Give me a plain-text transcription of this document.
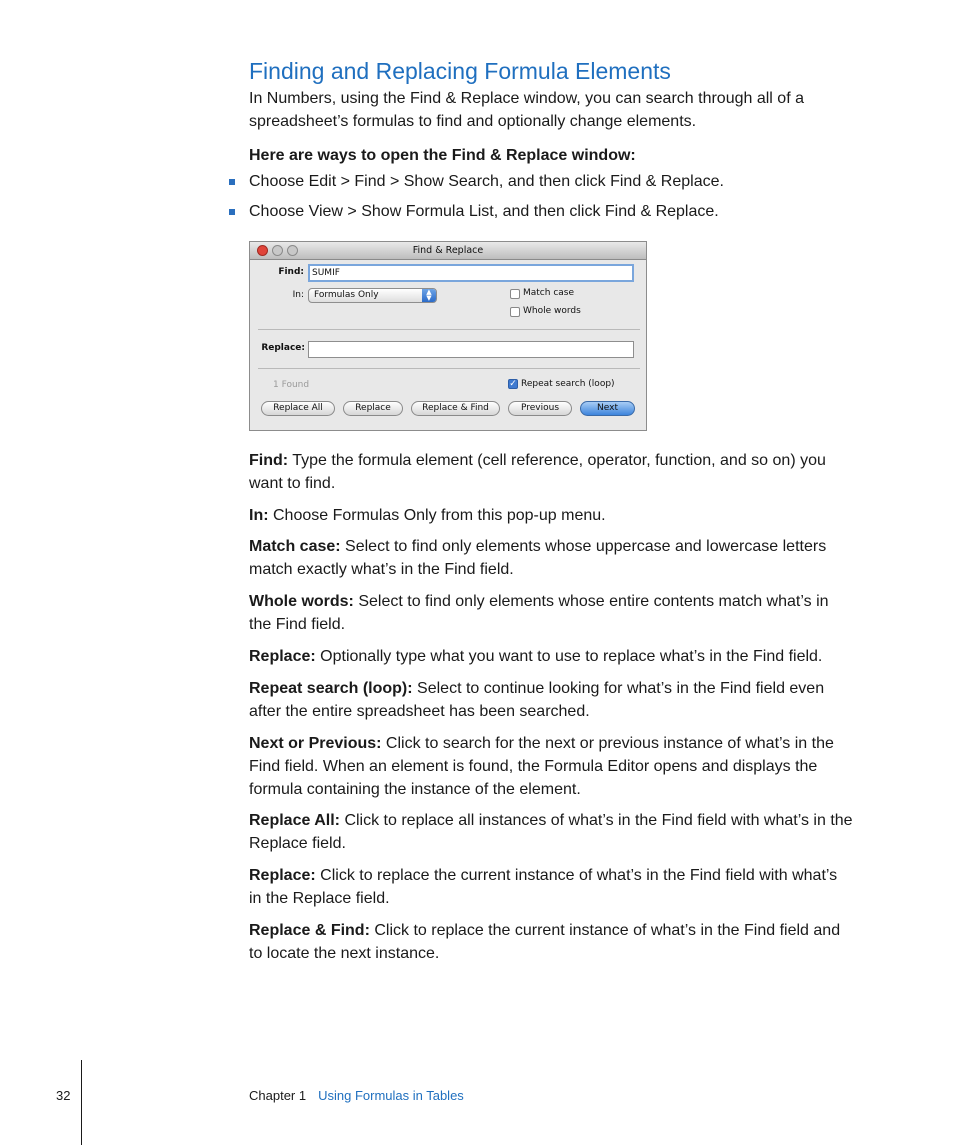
Finding and Replacing Formula Elements
In Numbers, using the Find & Replace window, you can search through all of a spreadsheet’s formulas to find and optionally change elements.
Here are ways to open the Find & Replace window:
Choose Edit > Find > Show Search, and then click Find & Replace.
Choose View > Show Formula List, and then click Find & Replace.
Find & Replace
Find: SUMIF
In:	Formulas Only	▲
▼	Match case
Whole words
Replace:
1 Found	✓ Repeat search (loop)
Replace All	Replace	Replace & Find	Previous	Next
Find: Type the formula element (cell reference, operator, function, and so on) you want to find.
In: Choose Formulas Only from this pop-up menu.
Match case: Select to find only elements whose uppercase and lowercase letters match exactly what’s in the Find field.
Whole words: Select to find only elements whose entire contents match what’s in the Find field.
Replace: Optionally type what you want to use to replace what’s in the Find field.
Repeat search (loop): Select to continue looking for what’s in the Find field even after the entire spreadsheet has been searched.
Next or Previous: Click to search for the next or previous instance of what’s in the Find field. When an element is found, the Formula Editor opens and displays the formula containing the instance of the element.
Replace All: Click to replace all instances of what’s in the Find field with what’s in the Replace field.
Replace: Click to replace the current instance of what’s in the Find field with what’s in the Replace field.
Replace & Find: Click to replace the current instance of what’s in the Find field and to locate the next instance.
32	Chapter 1 Using Formulas in Tables
